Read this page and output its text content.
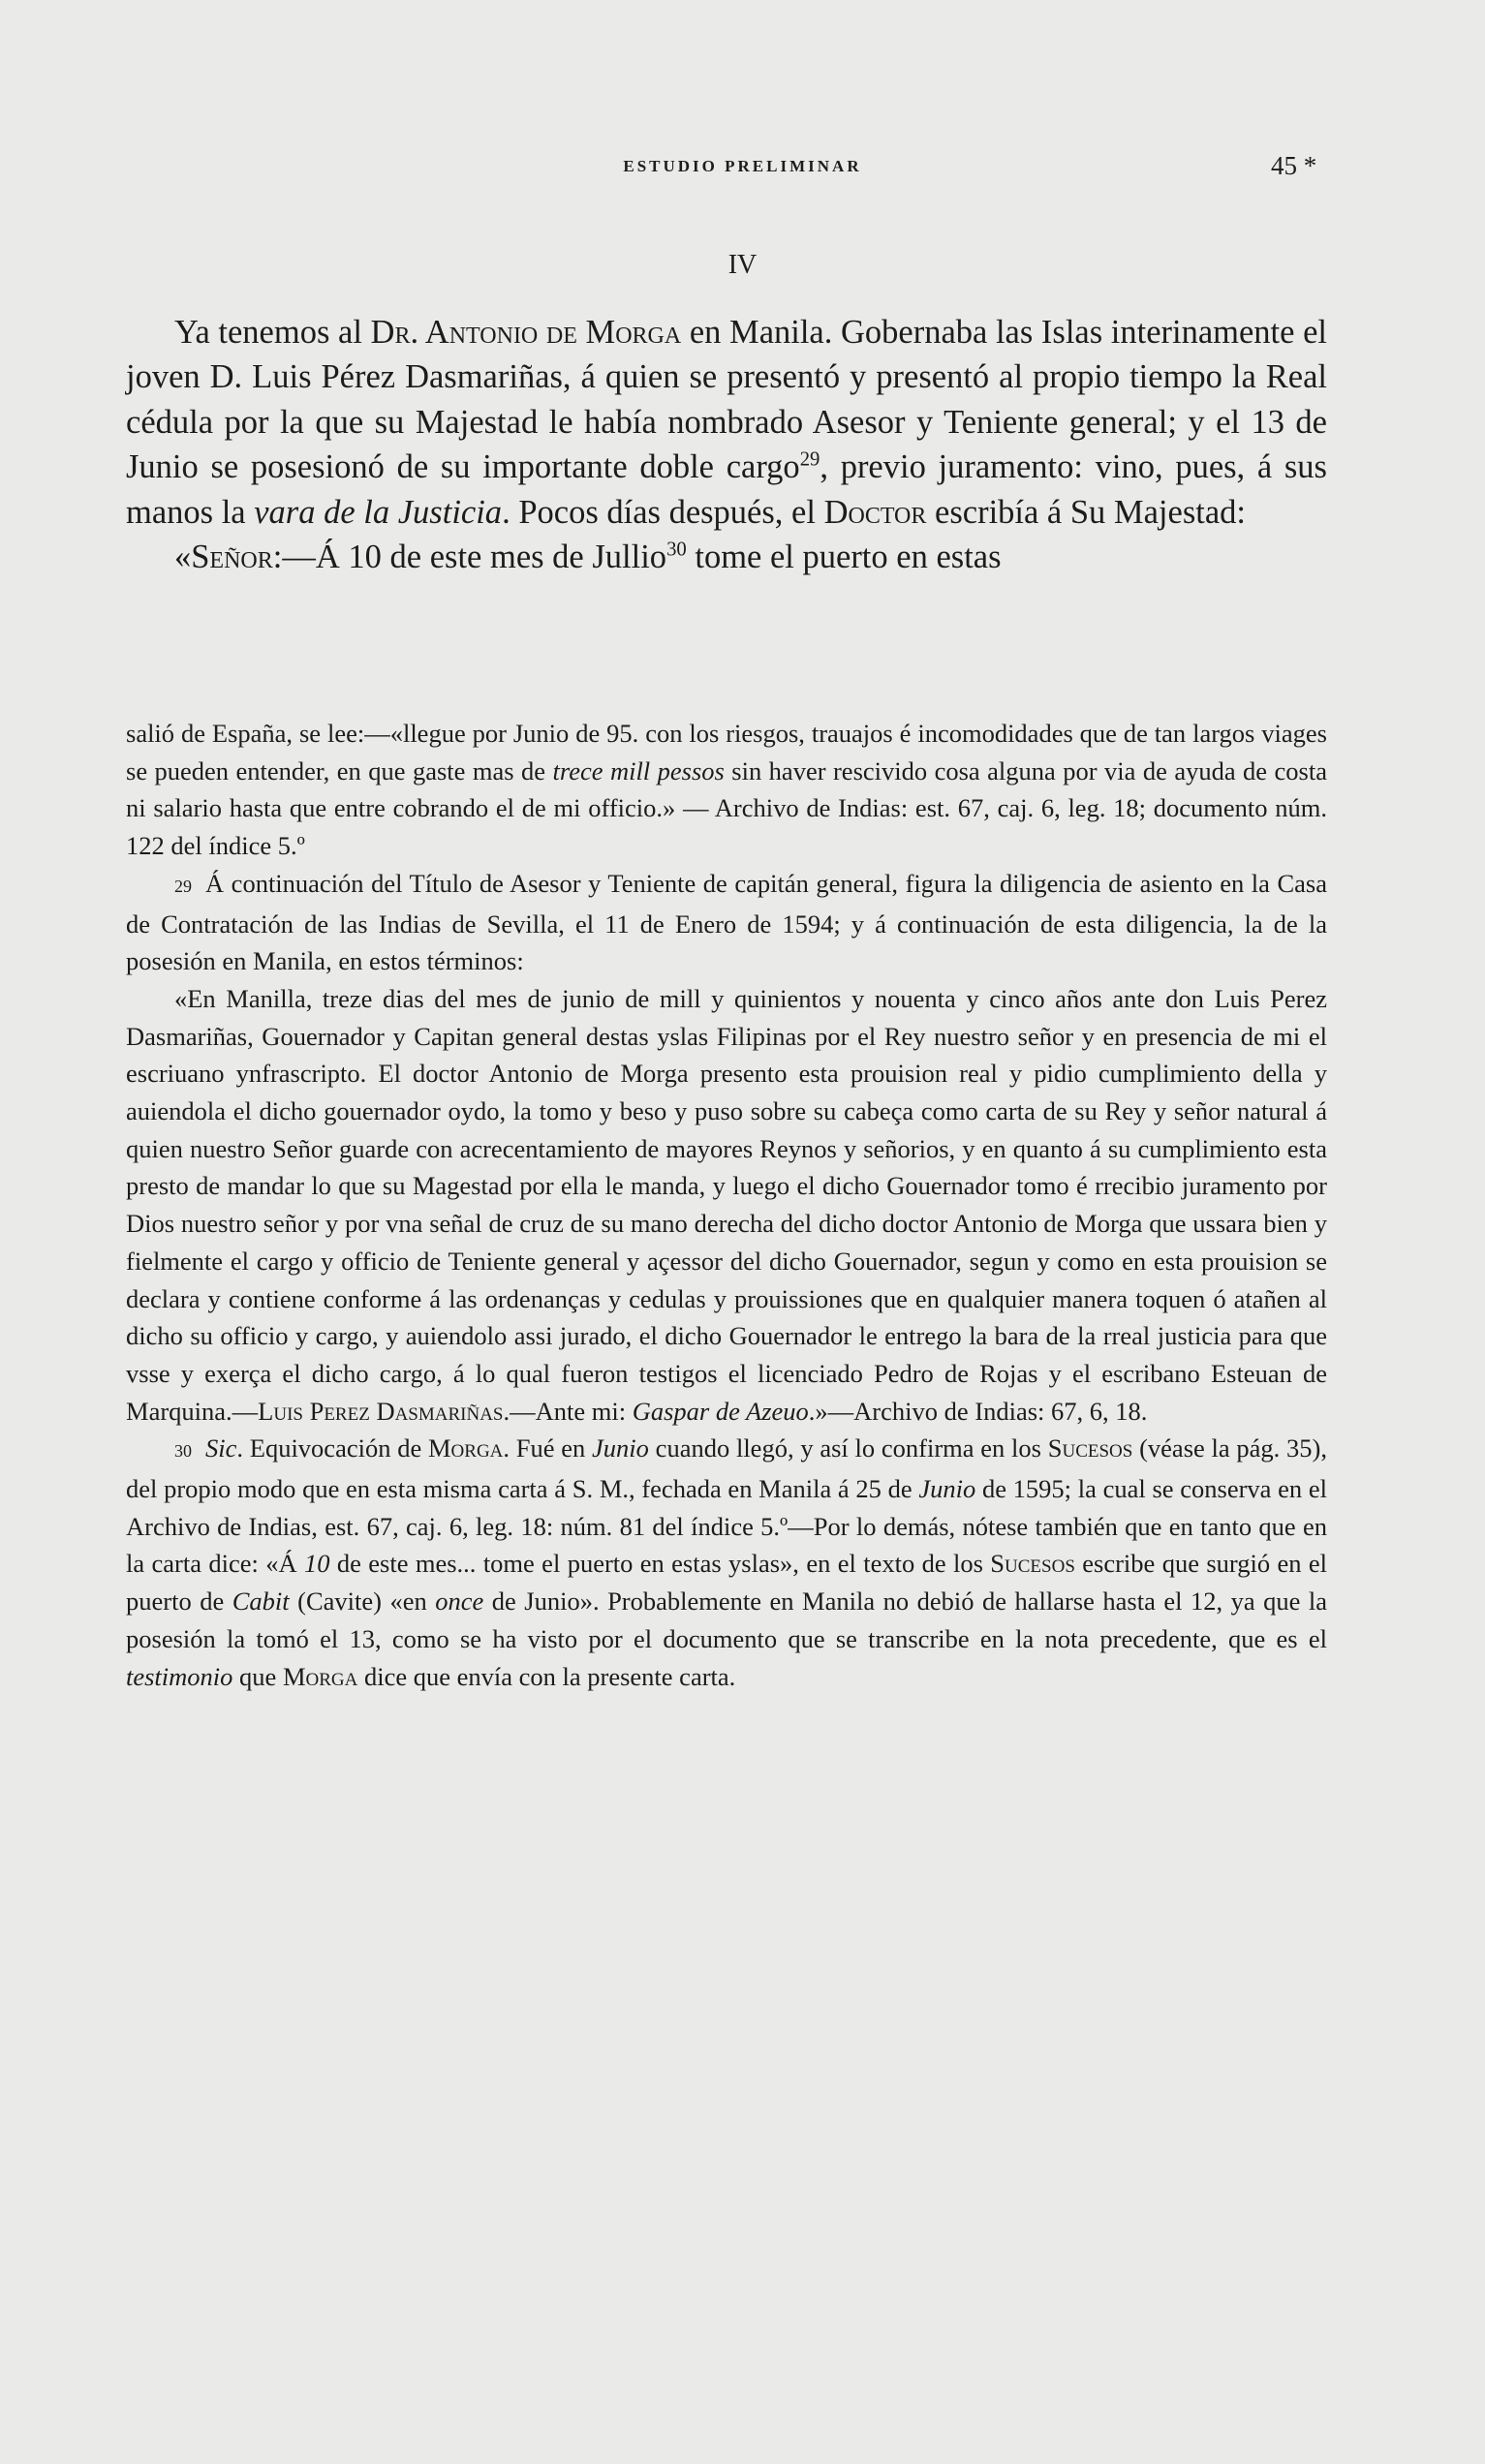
ESTUDIO PRELIMINAR	45 *
IV

Ya tenemos al Dr. Antonio de Morga en Manila. Gobernaba las Islas interinamente el joven D. Luis Pérez Dasmariñas, á quien se presentó y presentó al propio tiempo la Real cédula por la que su Majestad le había nombrado Asesor y Teniente general; y el 13 de Junio se posesionó de su importante doble cargo$^{29}$, previo juramento: vino, pues, á sus manos la vara de la Justicia. Pocos días después, el Doctor escribía á Su Majestad:

«Señor:—Á 10 de este mes de Jullio$^{30}$ tome el puerto en estas

salió de España, se lee:—«llegue por Junio de 95. con los riesgos, trauajos é incomodidades que de tan largos viages se pueden entender, en que gaste mas de trece mill pessos sin haver rescivido cosa alguna por via de ayuda de costa ni salario hasta que entre cobrando el de mi officio.» — Archivo de Indias: est. 67, caj. 6, leg. 18; documento núm. 122 del índice 5.º

29 Á continuación del Título de Asesor y Teniente de capitán general, figura la diligencia de asiento en la Casa de Contratación de las Indias de Sevilla, el 11 de Enero de 1594; y á continuación de esta diligencia, la de la posesión en Manila, en estos términos:

«En Manilla, treze dias del mes de junio de mill y quinientos y nouenta y cinco años ante don Luis Perez Dasmariñas, Gouernador y Capitan general destas yslas Filipinas por el Rey nuestro señor y en presencia de mi el escriuano ynfrascripto. El doctor Antonio de Morga presento esta prouision real y pidio cumplimiento della y auiendola el dicho gouernador oydo, la tomo y beso y puso sobre su cabeça como carta de su Rey y señor natural á quien nuestro Señor guarde con acrecentamiento de mayores Reynos y señorios, y en quanto á su cumplimiento esta presto de mandar lo que su Magestad por ella le manda, y luego el dicho Gouernador tomo é rrecibio juramento por Dios nuestro señor y por vna señal de cruz de su mano derecha del dicho doctor Antonio de Morga que ussara bien y fielmente el cargo y officio de Teniente general y açessor del dicho Gouernador, segun y como en esta prouision se declara y contiene conforme á las ordenanças y cedulas y prouissiones que en qualquier manera toquen ó atañen al dicho su officio y cargo, y auiendolo assi jurado, el dicho Gouernador le entrego la bara de la rreal justicia para que vsse y exerça el dicho cargo, á lo qual fueron testigos el licenciado Pedro de Rojas y el escribano Esteuan de Marquina.—Luis Perez Dasmariñas.—Ante mi: Gaspar de Azeuo.»—Archivo de Indias: 67, 6, 18.

30 Sic. Equivocación de Morga. Fué en Junio cuando llegó, y así lo confirma en los Sucesos (véase la pág. 35), del propio modo que en esta misma carta á S. M., fechada en Manila á 25 de Junio de 1595; la cual se conserva en el Archivo de Indias, est. 67, caj. 6, leg. 18: núm. 81 del índice 5.º—Por lo demás, nótese también que en tanto que en la carta dice: «Á 10 de este mes... tome el puerto en estas yslas», en el texto de los Sucesos escribe que surgió en el puerto de Cabit (Cavite) «en once de Junio». Probablemente en Manila no debió de hallarse hasta el 12, ya que la posesión la tomó el 13, como se ha visto por el documento que se transcribe en la nota precedente, que es el testimonio que Morga dice que envía con la presente carta.
